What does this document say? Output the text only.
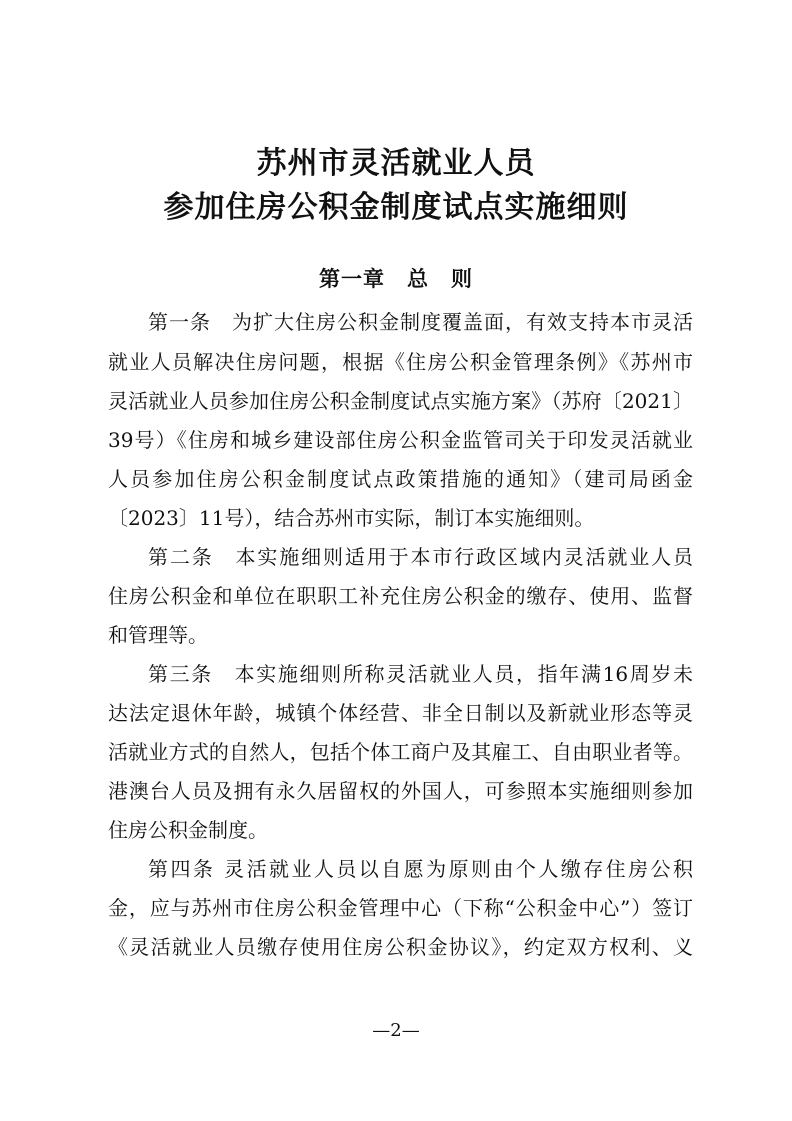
苏州市灵活就业人员
参加住房公积金制度试点实施细则
第一章　总　则
第一条　为扩大住房公积金制度覆盖面，有效支持本市灵活
就业人员解决住房问题，根据《住房公积金管理条例》《苏州市
灵活就业人员参加住房公积金制度试点实施方案》（苏府〔2021〕
39号）《住房和城乡建设部住房公积金监管司关于印发灵活就业
人员参加住房公积金制度试点政策措施的通知》（建司局函金
〔2023〕11号），结合苏州市实际，制订本实施细则。
第二条　本实施细则适用于本市行政区域内灵活就业人员
住房公积金和单位在职职工补充住房公积金的缴存、使用、监督
和管理等。
第三条　本实施细则所称灵活就业人员，指年满16周岁未
达法定退休年龄，城镇个体经营、非全日制以及新就业形态等灵
活就业方式的自然人，包括个体工商户及其雇工、自由职业者等。
港澳台人员及拥有永久居留权的外国人，可参照本实施细则参加
住房公积金制度。
第四条 灵活就业人员以自愿为原则由个人缴存住房公积
金，应与苏州市住房公积金管理中心（下称“公积金中心”）签订
《灵活就业人员缴存使用住房公积金协议》，约定双方权利、义
—2—
